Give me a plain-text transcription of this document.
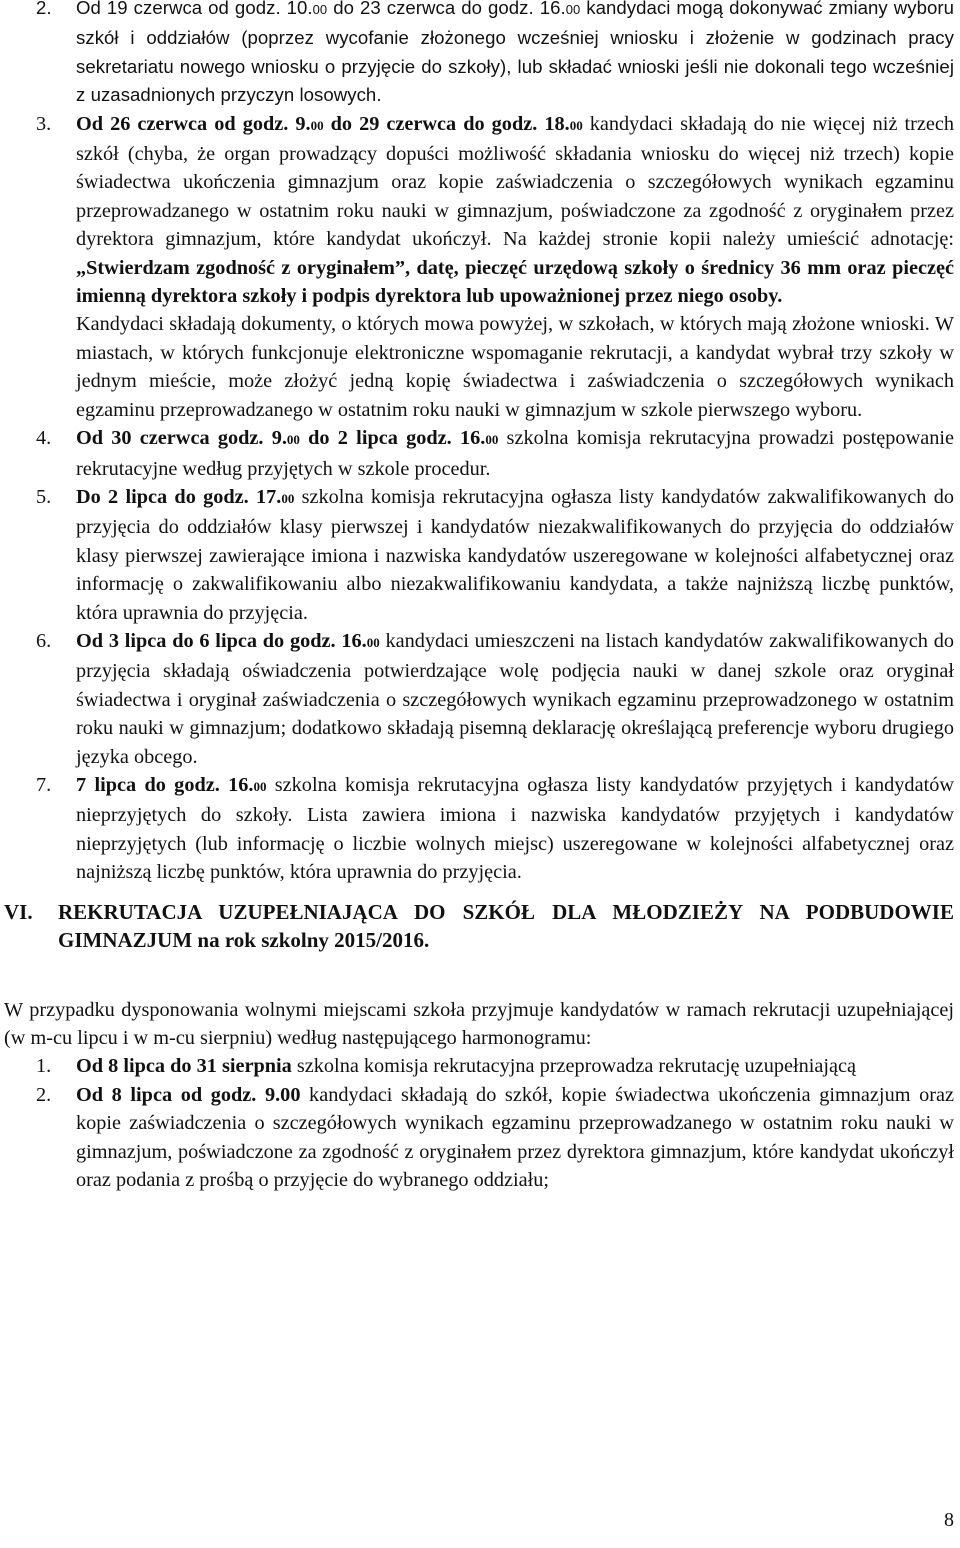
2. Od 19 czerwca od godz. 10.00 do 23 czerwca do godz. 16.00 kandydaci mogą dokonywać zmiany wyboru szkół i oddziałów (poprzez wycofanie złożonego wcześniej wniosku i złożenie w godzinach pracy sekretariatu nowego wniosku o przyjęcie do szkoły), lub składać wnioski jeśli nie dokonali tego wcześniej z uzasadnionych przyczyn losowych.
3. Od 26 czerwca od godz. 9.00 do 29 czerwca do godz. 18.00 kandydaci składają do nie więcej niż trzech szkół (chyba, że organ prowadzący dopuści możliwość składania wniosku do więcej niż trzech) kopie świadectwa ukończenia gimnazjum oraz kopie zaświadczenia o szczegółowych wynikach egzaminu przeprowadzanego w ostatnim roku nauki w gimnazjum, poświadczone za zgodność z oryginałem przez dyrektora gimnazjum, które kandydat ukończył. Na każdej stronie kopii należy umieścić adnotację: „Stwierdzam zgodność z oryginałem”, datę, pieczęć urzędową szkoły o średnicy 36 mm oraz pieczęć imienną dyrektora szkoły i podpis dyrektora lub upoważnionej przez niego osoby.
Kandydaci składają dokumenty, o których mowa powyżej, w szkołach, w których mają złożone wnioski. W miastach, w których funkcjonuje elektroniczne wspomaganie rekrutacji, a kandydat wybrał trzy szkoły w jednym mieście, może złożyć jedną kopię świadectwa i zaświadczenia o szczegółowych wynikach egzaminu przeprowadzanego w ostatnim roku nauki w gimnazjum w szkole pierwszego wyboru.
4. Od 30 czerwca godz. 9.00 do 2 lipca godz. 16.00 szkolna komisja rekrutacyjna prowadzi postępowanie rekrutacyjne według przyjętych w szkole procedur.
5. Do 2 lipca do godz. 17.00 szkolna komisja rekrutacyjna ogłasza listy kandydatów zakwalifikowanych do przyjęcia do oddziałów klasy pierwszej i kandydatów niezakwalifikowanych do przyjęcia do oddziałów klasy pierwszej zawierające imiona i nazwiska kandydatów uszeregowane w kolejności alfabetycznej oraz informację o zakwalifikowaniu albo niezakwalifikowaniu kandydata, a także najniższą liczbę punktów, która uprawnia do przyjęcia.
6. Od 3 lipca do 6 lipca do godz. 16.00 kandydaci umieszczeni na listach kandydatów zakwalifikowanych do przyjęcia składają oświadczenia potwierdzające wolę podjęcia nauki w danej szkole oraz oryginał świadectwa i oryginał zaświadczenia o szczegółowych wynikach egzaminu przeprowadzonego w ostatnim roku nauki w gimnazjum; dodatkowo składają pisemną deklarację określającą preferencje wyboru drugiego języka obcego.
7. 7 lipca do godz. 16.00 szkolna komisja rekrutacyjna ogłasza listy kandydatów przyjętych i kandydatów nieprzyjętych do szkoły. Lista zawiera imiona i nazwiska kandydatów przyjętych i kandydatów nieprzyjętych (lub informację o liczbie wolnych miejsc) uszeregowane w kolejności alfabetycznej oraz najniższą liczbę punktów, która uprawnia do przyjęcia.
VI. REKRUTACJA UZUPEŁNIAJĄCA DO SZKÓŁ DLA MŁODZIEŻY NA PODBUDOWIE GIMNAZJUM na rok szkolny 2015/2016.
W przypadku dysponowania wolnymi miejscami szkoła przyjmuje kandydatów w ramach rekrutacji uzupełniającej (w m-cu lipcu i w m-cu sierpniu) według następującego harmonogramu:
1. Od 8 lipca do 31 sierpnia szkolna komisja rekrutacyjna przeprowadza rekrutację uzupełniającą
2. Od 8 lipca od godz. 9.00 kandydaci składają do szkół, kopie świadectwa ukończenia gimnazjum oraz kopie zaświadczenia o szczegółowych wynikach egzaminu przeprowadzanego w ostatnim roku nauki w gimnazjum, poświadczone za zgodność z oryginałem przez dyrektora gimnazjum, które kandydat ukończył oraz podania z prośbą o przyjęcie do wybranego oddziału;
8
